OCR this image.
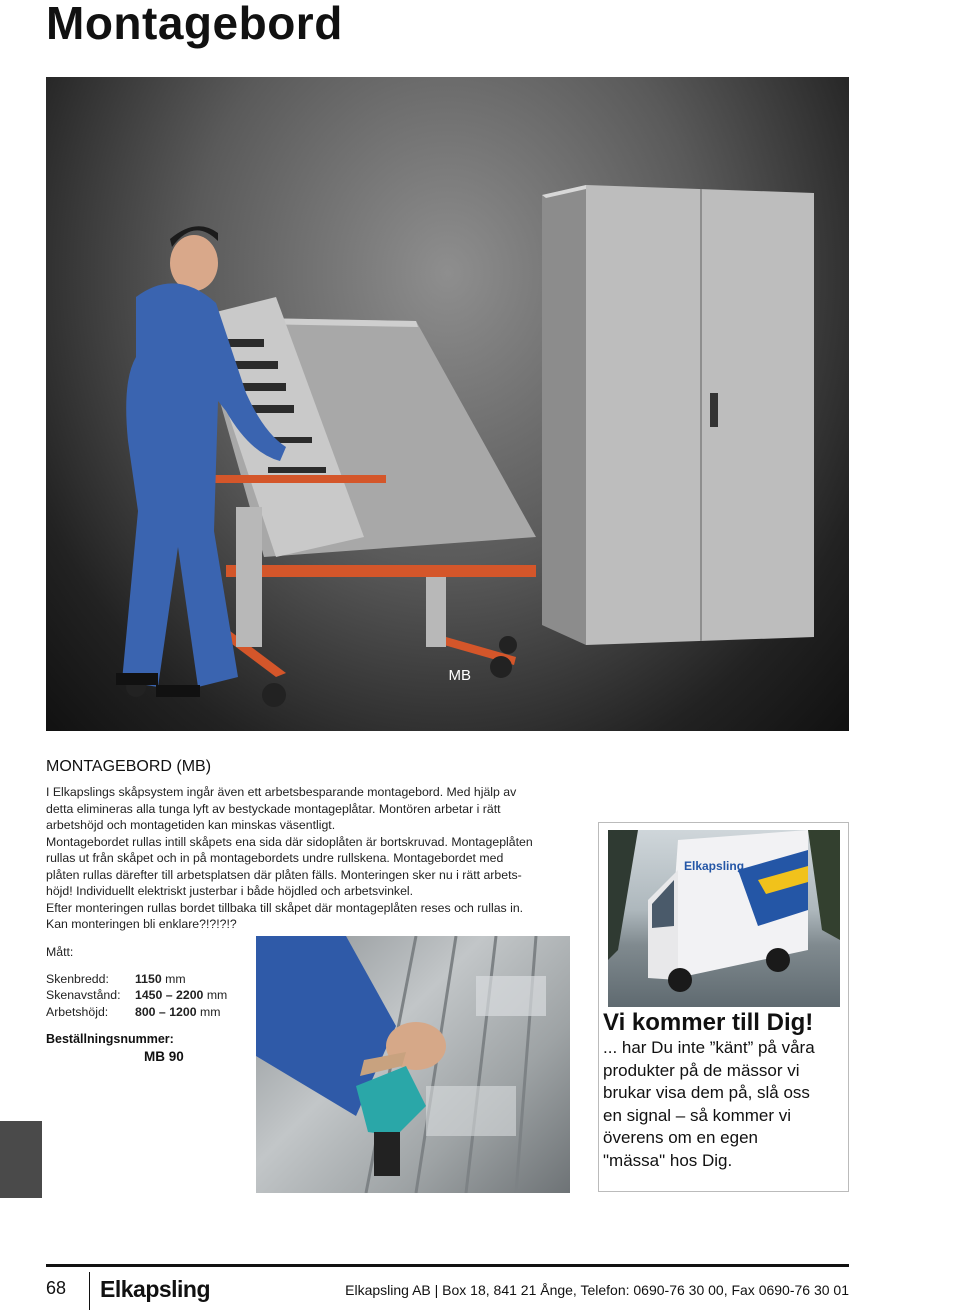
Montagebord
MB
MONTAGEBORD (MB)
I Elkapslings skåpsystem ingår även ett arbetsbesparande montagebord. Med hjälp av
detta elimineras alla tunga lyft av bestyckade montageplåtar. Montören arbetar i rätt
arbetshöjd och montagetiden kan minskas väsentligt.
Montagebordet rullas intill skåpets ena sida där sidoplåten är bortskruvad. Montageplåten
rullas ut från skåpet och in på montagebordets undre rullskena. Montagebordet med
plåten rullas därefter till arbetsplatsen där plåten fälls. Monteringen sker nu i rätt arbets-
höjd! Individuellt elektriskt justerbar i både höjdled och arbetsvinkel.
Efter monteringen rullas bordet tillbaka till skåpet där montageplåten reses och rullas in.
Kan monteringen bli enklare?!?!?!?
Mått:
Skenbredd:	1150 mm
Skenavstånd:	1450 – 2200 mm
Arbetshöjd:	800 – 1200 mm
Beställningsnummer:
MB 90
Elkapsling
Vi kommer till Dig!
... har Du inte ”känt” på våra
produkter på de mässor vi
brukar visa dem på, slå oss
en signal – så kommer vi
överens om en egen
"mässa" hos Dig.
68 Elkapsling	Elkapsling AB | Box 18, 841 21 Ånge, Telefon: 0690-76 30 00, Fax 0690-76 30 01
